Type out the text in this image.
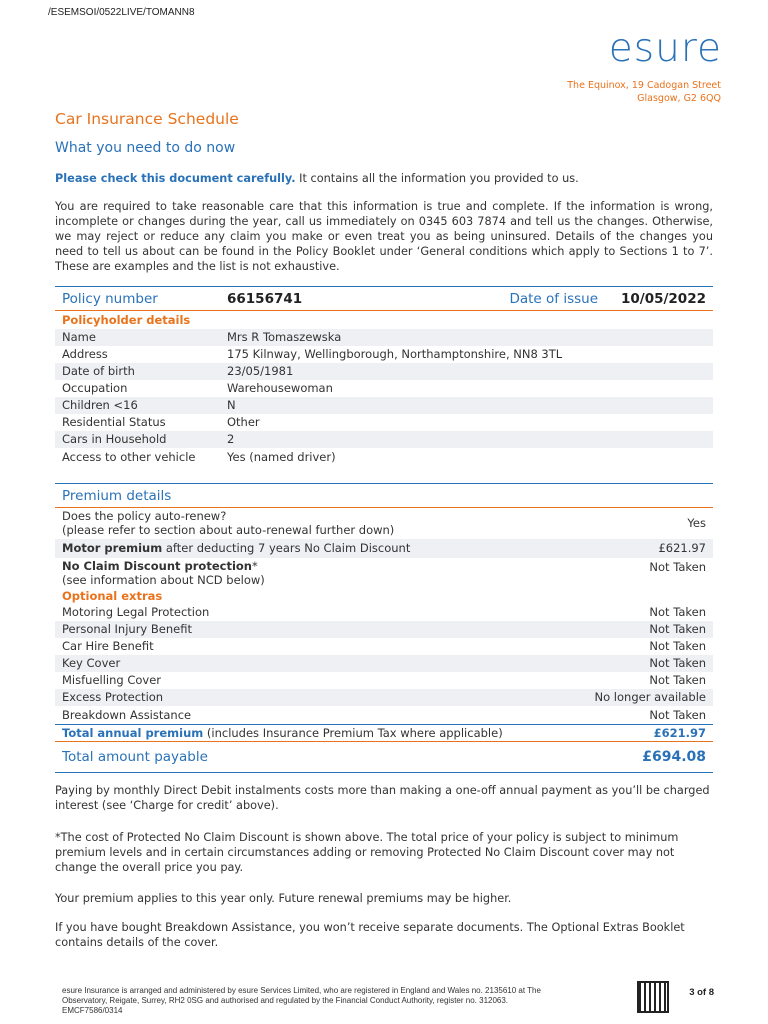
/ESEMSOI/0522LIVE/TOMANN8
esure
The Equinox, 19 Cadogan Street
Glasgow, G2 6QQ
Car Insurance Schedule
What you need to do now
Please check this document carefully. It contains all the information you provided to us.
You are required to take reasonable care that this information is true and complete. If the information is wrong, incomplete or changes during the year, call us immediately on 0345 603 7874 and tell us the changes. Otherwise, we may reject or reduce any claim you make or even treat you as being uninsured. Details of the changes you need to tell us about can be found in the Policy Booklet under ‘General conditions which apply to Sections 1 to 7’. These are examples and the list is not exhaustive.
Policy number	66156741	Date of issue	10/05/2022
Policyholder details			
Name	Mrs R Tomaszewska		
Address	175 Kilnway, Wellingborough, Northamptonshire, NN8 3TL		
Date of birth	23/05/1981		
Occupation	Warehousewoman		
Children <16	N		
Residential Status	Other		
Cars in Household	2		
Access to other vehicle	Yes (named driver)		
Premium details	

Does the policy auto-renew?
(please refer to section about auto-renewal further down)	Yes
Motor premium after deducting 7 years No Claim Discount	£621.97

No Claim Discount protection*
(see information about NCD below)	Not Taken
Optional extras	
Motoring Legal Protection	Not Taken
Personal Injury Benefit	Not Taken
Car Hire Benefit	Not Taken
Key Cover	Not Taken
Misfuelling Cover	Not Taken
Excess Protection	No longer available
Breakdown Assistance	Not Taken
Total annual premium (includes Insurance Premium Tax where applicable)	£621.97
Total amount payable	£694.08
Paying by monthly Direct Debit instalments costs more than making a one-off annual payment as you’ll be charged interest (see ‘Charge for credit’ above).
*The cost of Protected No Claim Discount is shown above. The total price of your policy is subject to minimum premium levels and in certain circumstances adding or removing Protected No Claim Discount cover may not change the overall price you pay.
Your premium applies to this year only. Future renewal premiums may be higher.
If you have bought Breakdown Assistance, you won’t receive separate documents. The Optional Extras Booklet contains details of the cover.
esure Insurance is arranged and administered by esure Services Limited, who are registered in England and Wales no. 2135610 at The Observatory, Reigate, Surrey, RH2 0SG and authorised and regulated by the Financial Conduct Authority, register no. 312063. EMCF7586/0314
3 of 8
